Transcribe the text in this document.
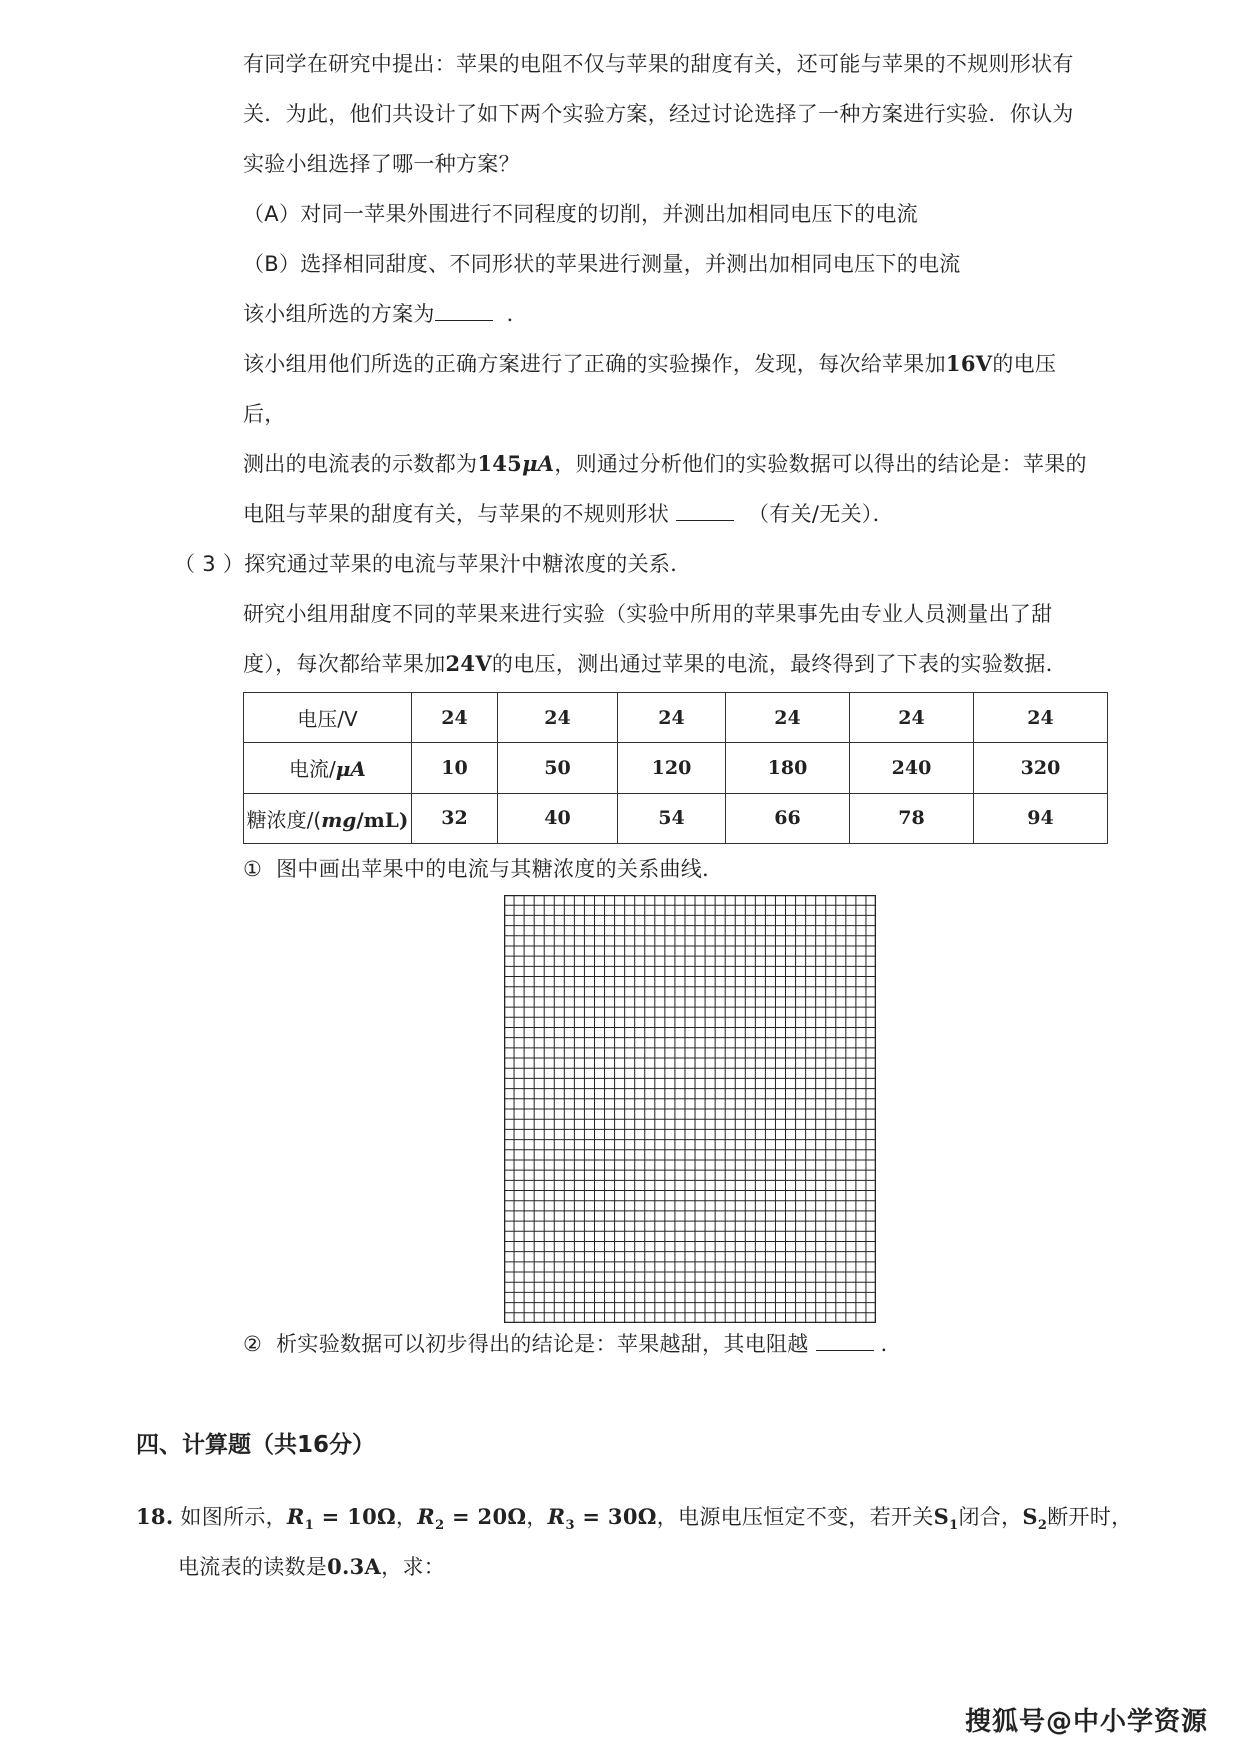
有同学在研究中提出：苹果的电阻不仅与苹果的甜度有关，还可能与苹果的不规则形状有
关．为此，他们共设计了如下两个实验方案，经过讨论选择了一种方案进行实验．你认为
实验小组选择了哪一种方案？
（A）对同一苹果外围进行不同程度的切削，并测出加相同电压下的电流
（B）选择相同甜度、不同形状的苹果进行测量，并测出加相同电压下的电流
该小组所选的方案为	．
该小组用他们所选的正确方案进行了正确的实验操作，发现，每次给苹果加16V的电压
后，
测出的电流表的示数都为145μA，则通过分析他们的实验数据可以得出的结论是：苹果的
电阻与苹果的甜度有关，与苹果的不规则形状	（有关/无关）．
（ 3 ）探究通过苹果的电流与苹果汁中糖浓度的关系．
研究小组用甜度不同的苹果来进行实验（实验中所用的苹果事先由专业人员测量出了甜
度），每次都给苹果加24V的电压，测出通过苹果的电流，最终得到了下表的实验数据．
电压/V	24	24	24	24	24	24
电流/μA	10	50	120	180	240	320
糖浓度/(mg/mL)	32	40	54	66	78	94
① 图中画出苹果中的电流与其糖浓度的关系曲线．
② 析实验数据可以初步得出的结论是：苹果越甜，其电阻越	．
四、计算题（共16分）
18. 如图所示，$R_1 = 10\Omega$，$R_2 = 20\Omega$，$R_3 = 30\Omega$，电源电压恒定不变，若开关$S_1$闭合，$S_2$断开时，
电流表的读数是0.3A，求：
搜狐号@中小学资源
